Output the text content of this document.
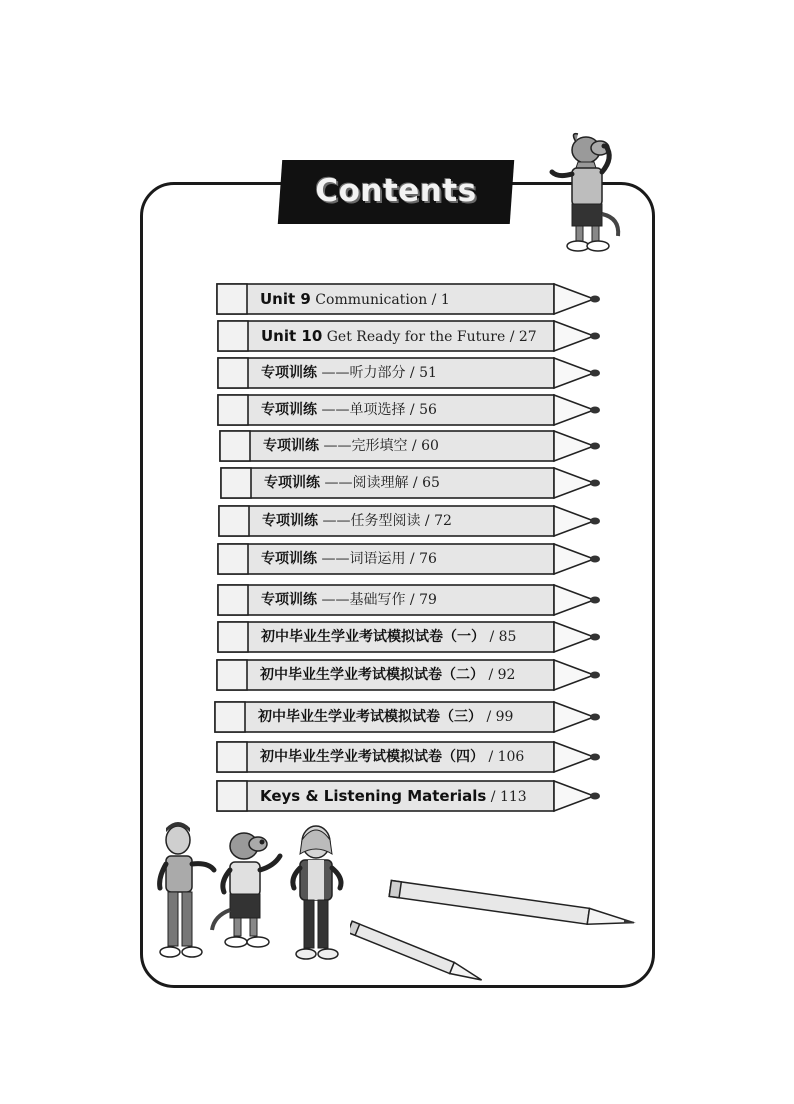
Contents
Unit 9 Communication / 1
Unit 10 Get Ready for the Future / 27
专项训练 ——听力部分 / 51
专项训练 ——单项选择 / 56
专项训练 ——完形填空 / 60
专项训练 ——阅读理解 / 65
专项训练 ——任务型阅读 / 72
专项训练 ——词语运用 / 76
专项训练 ——基础写作 / 79
初中毕业生学业考试模拟试卷（一） / 85
初中毕业生学业考试模拟试卷（二） / 92
初中毕业生学业考试模拟试卷（三） / 99
初中毕业生学业考试模拟试卷（四） / 106
Keys & Listening Materials / 113
